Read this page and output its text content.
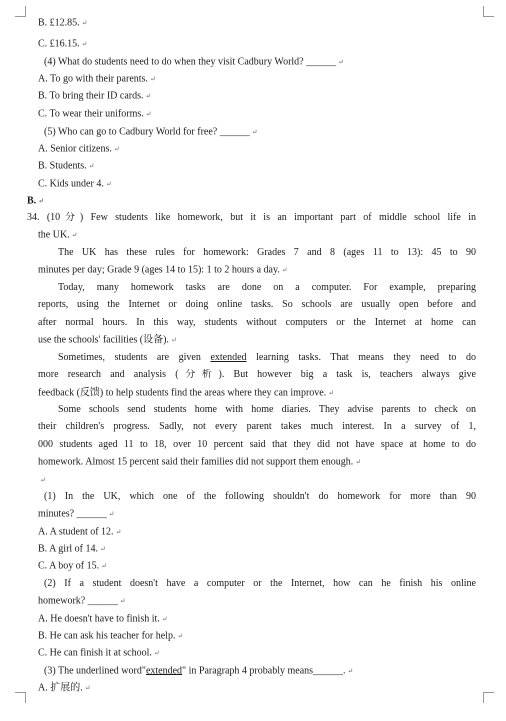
B. £12.85. ↵
C. £16.15. ↵
(4) What do students need to do when they visit Cadbury World? ______ ↵
A. To go with their parents. ↵
B. To bring their ID cards. ↵
C. To wear their uniforms. ↵
(5) Who can go to Cadbury World for free? ______ ↵
A. Senior citizens. ↵
B. Students. ↵
C. Kids under 4. ↵
B. ↵
34. (10分) Few students like homework, but it is an important part of middle school life in
the UK. ↵
The UK has these rules for homework: Grades 7 and 8 (ages 11 to 13): 45 to 90
minutes per day; Grade 9 (ages 14 to 15): 1 to 2 hours a day. ↵
Today, many homework tasks are done on a computer. For example, preparing
reports, using the Internet or doing online tasks. So schools are usually open before and
after normal hours. In this way, students without computers or the Internet at home can
use the schools' facilities (设备). ↵
Sometimes, students are given extended learning tasks. That means they need to do
more research and analysis (分析). But however big a task is, teachers always give
feedback (反馈) to help students find the areas where they can improve. ↵
Some schools send students home with home diaries. They advise parents to check on
their children's progress. Sadly, not every parent takes much interest. In a survey of 1,
000 students aged 11 to 18, over 10 percent said that they did not have space at home to do
homework. Almost 15 percent said their families did not support them enough. ↵
↵
(1) In the UK, which one of the following shouldn't do homework for more than 90
minutes? ______ ↵
A. A student of 12. ↵
B. A girl of 14. ↵
C. A boy of 15. ↵
(2) If a student doesn't have a computer or the Internet, how can he finish his online
homework? ______ ↵
A. He doesn't have to finish it. ↵
B. He can ask his teacher for help. ↵
C. He can finish it at school. ↵
(3) The underlined word"extended" in Paragraph 4 probably means______. ↵
A. 扩展的. ↵
